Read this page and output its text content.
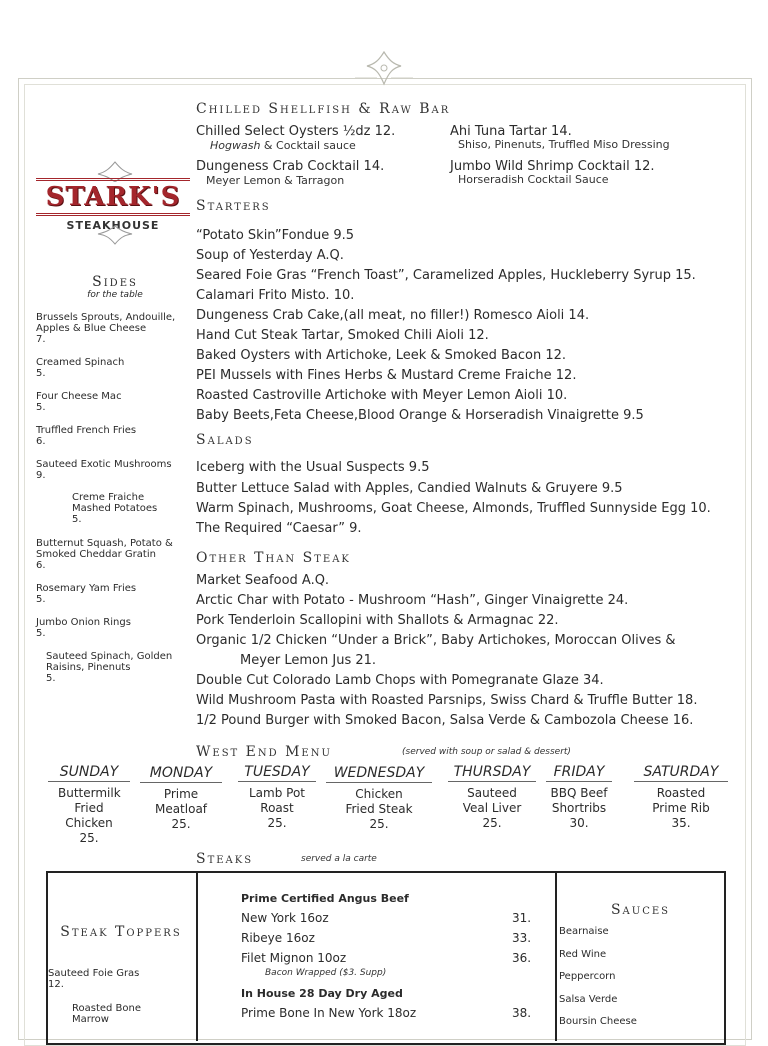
STARK'S
STEAKHOUSE
Chilled Shellfish & Raw Bar
Chilled Select Oysters ½dz 12.
Hogwash & Cocktail sauce
Ahi Tuna Tartar 14.
Shiso, Pinenuts, Truffled Miso Dressing
Dungeness Crab Cocktail 14.
Meyer Lemon & Tarragon
Jumbo Wild Shrimp Cocktail 12.
Horseradish Cocktail Sauce
Starters
“Potato Skin”Fondue 9.5
Soup of Yesterday A.Q.
Seared Foie Gras “French Toast”, Caramelized Apples, Huckleberry Syrup 15.
Calamari Frito Misto. 10.
Dungeness Crab Cake,(all meat, no filler!) Romesco Aioli 14.
Hand Cut Steak Tartar, Smoked Chili Aioli 12.
Baked Oysters with Artichoke, Leek & Smoked Bacon 12.
PEI Mussels with Fines Herbs & Mustard Creme Fraiche 12.
Roasted Castroville Artichoke with Meyer Lemon Aioli 10.
Baby Beets,Feta Cheese,Blood Orange & Horseradish Vinaigrette 9.5
Salads
Iceberg with the Usual Suspects 9.5
Butter Lettuce Salad with Apples, Candied Walnuts & Gruyere 9.5
Warm Spinach, Mushrooms, Goat Cheese, Almonds, Truffled Sunnyside Egg 10.
The Required “Caesar” 9.
Other Than Steak
Market Seafood A.Q.
Arctic Char with Potato - Mushroom “Hash”, Ginger Vinaigrette 24.
Pork Tenderloin Scallopini with Shallots & Armagnac 22.
Organic 1/2 Chicken “Under a Brick”, Baby Artichokes, Moroccan Olives &
Meyer Lemon Jus 21.
Double Cut Colorado Lamb Chops with Pomegranate Glaze 34.
Wild Mushroom Pasta with Roasted Parsnips, Swiss Chard & Truffle Butter 18.
1/2 Pound Burger with Smoked Bacon, Salsa Verde & Cambozola Cheese 16.
Sides
for the table
Brussels Sprouts, Andouille, Apples & Blue Cheese
7.
Creamed Spinach
5.
Four Cheese Mac
5.
Truffled French Fries
6.
Sauteed Exotic Mushrooms
9.
Creme Fraiche Mashed Potatoes
5.
Butternut Squash, Potato & Smoked Cheddar Gratin
6.
Rosemary Yam Fries
5.
Jumbo Onion Rings
5.
Sauteed Spinach, Golden Raisins, Pinenuts
5.
West End Menu	(served with soup or salad & dessert)
SUNDAY
Buttermilk Fried Chicken
25.
MONDAY
Prime Meatloaf
25.
TUESDAY
Lamb Pot Roast
25.
WEDNESDAY
Chicken Fried Steak
25.
THURSDAY
Sauteed Veal Liver
25.
FRIDAY
BBQ Beef Shortribs
30.
SATURDAY
Roasted Prime Rib
35.
Steaks	served a la carte
Steak Toppers
Sauteed Foie Gras
12.
Roasted Bone Marrow
Prime Certified Angus Beef
New York 16oz	31.
Ribeye 16oz	33.
Filet Mignon 10oz	36.
Bacon Wrapped ($3. Supp)
In House 28 Day Dry Aged
Prime Bone In New York 18oz	38.
Sauces
Bearnaise
Red Wine
Peppercorn
Salsa Verde
Boursin Cheese
